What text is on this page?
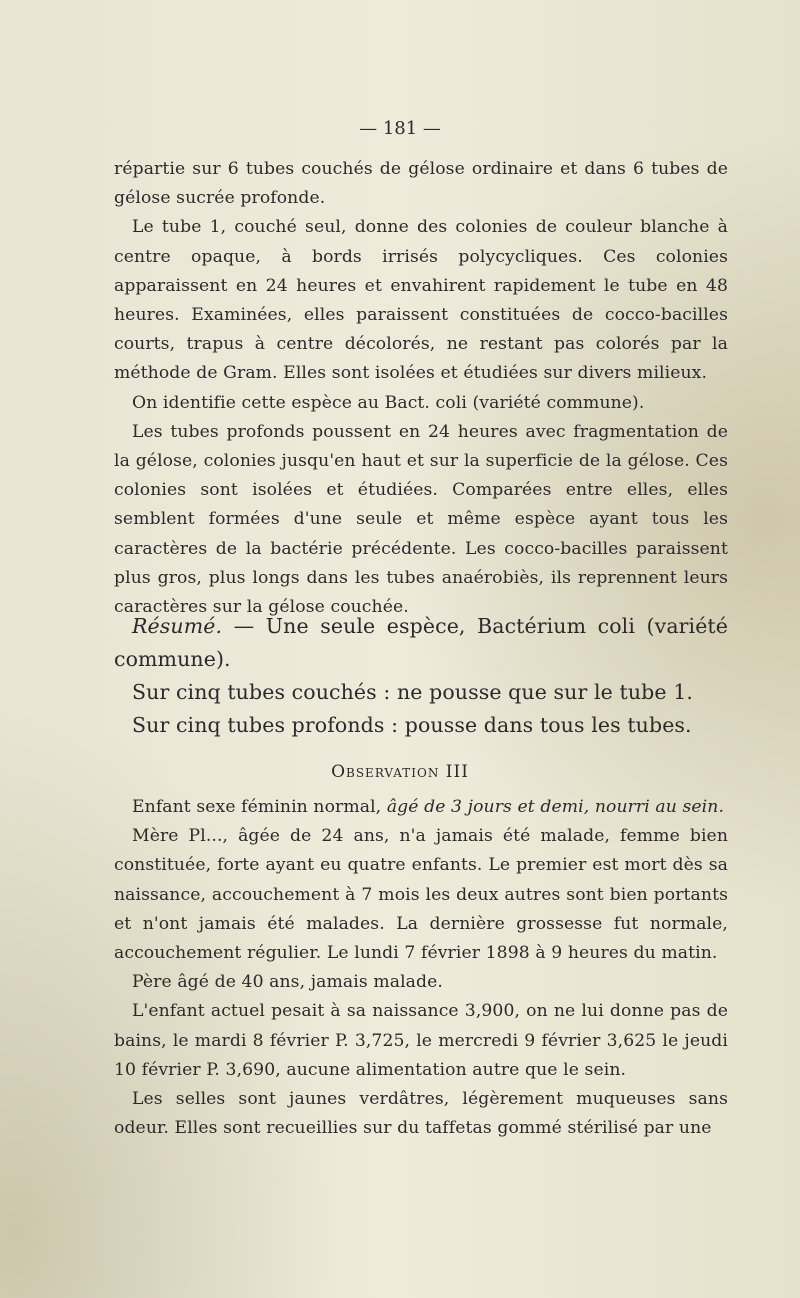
— 181 —

répartie sur 6 tubes couchés de gélose ordinaire et dans 6 tubes de gélose sucrée profonde.

Le tube 1, couché seul, donne des colonies de couleur blanche à centre opaque, à bords irrisés polycycliques. Ces colonies apparaissent en 24 heures et envahirent rapidement le tube en 48 heures. Examinées, elles paraissent constituées de cocco-bacilles courts, trapus à centre décolorés, ne restant pas colorés par la méthode de Gram. Elles sont isolées et étudiées sur divers milieux.

On identifie cette espèce au Bact. coli (variété commune).

Les tubes profonds poussent en 24 heures avec fragmentation de la gélose, colonies jusqu'en haut et sur la superficie de la gélose. Ces colonies sont isolées et étudiées. Comparées entre elles, elles semblent formées d'une seule et même espèce ayant tous les caractères de la bactérie précédente. Les cocco-bacilles paraissent plus gros, plus longs dans les tubes anaérobiès, ils reprennent leurs caractères sur la gélose couchée.

Résumé. — Une seule espèce, Bactérium coli (variété commune).

Sur cinq tubes couchés : ne pousse que sur le tube 1.

Sur cinq tubes profonds : pousse dans tous les tubes.

Observation III

Enfant sexe féminin normal, âgé de 3 jours et demi, nourri au sein.

Mère Pl..., âgée de 24 ans, n'a jamais été malade, femme bien constituée, forte ayant eu quatre enfants. Le premier est mort dès sa naissance, accouchement à 7 mois les deux autres sont bien portants et n'ont jamais été malades. La dernière grossesse fut normale, accouchement régulier. Le lundi 7 février 1898 à 9 heures du matin.

Père âgé de 40 ans, jamais malade.

L'enfant actuel pesait à sa naissance 3,900, on ne lui donne pas de bains, le mardi 8 février P. 3,725, le mercredi 9 février 3,625 le jeudi 10 février P. 3,690, aucune alimentation autre que le sein.

Les selles sont jaunes verdâtres, légèrement muqueuses sans odeur. Elles sont recueillies sur du taffetas gommé stérilisé par une
